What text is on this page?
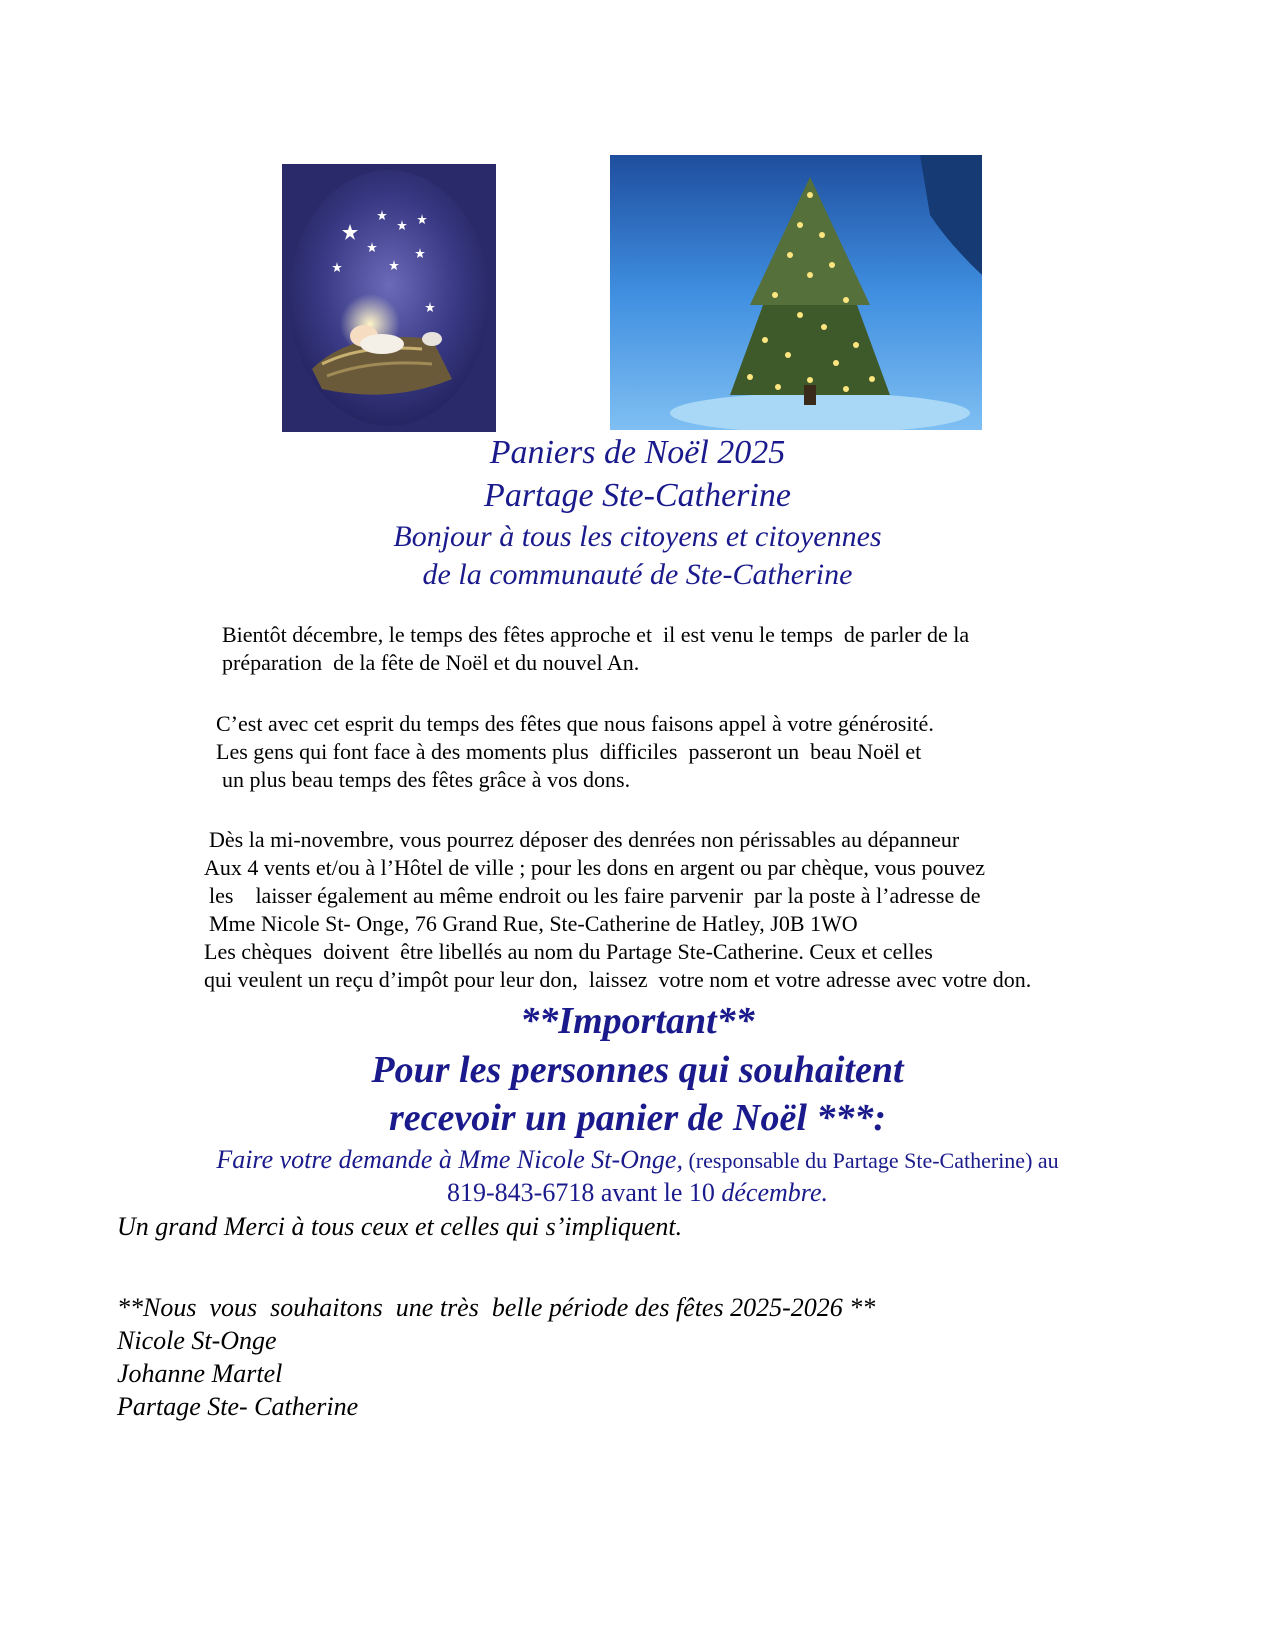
Paniers de Noël 2025
Partage Ste-Catherine
Bonjour à tous les citoyens et citoyennes
de la communauté de Ste-Catherine
Bientôt décembre, le temps des fêtes approche et  il est venu le temps  de parler de la
préparation  de la fête de Noël et du nouvel An.
C’est avec cet esprit du temps des fêtes que nous faisons appel à votre générosité.
Les gens qui font face à des moments plus  difficiles  passeront un  beau Noël et
un plus beau temps des fêtes grâce à vos dons.
Dès la mi-novembre, vous pourrez déposer des denrées non périssables au dépanneur
Aux 4 vents et/ou à l’Hôtel de ville ; pour les dons en argent ou par chèque, vous pouvez
les    laisser également au même endroit ou les faire parvenir  par la poste à l’adresse de
Mme Nicole St- Onge, 76 Grand Rue, Ste-Catherine de Hatley, J0B 1WO
Les chèques  doivent  être libellés au nom du Partage Ste-Catherine. Ceux et celles
qui veulent un reçu d’impôt pour leur don,  laissez  votre nom et votre adresse avec votre don.
**Important**
Pour les personnes qui souhaitent
recevoir un panier de Noël ***:
Faire votre demande à Mme Nicole St-Onge, (responsable du Partage Ste-Catherine) au
819-843-6718 avant le 10 décembre.
Un grand Merci à tous ceux et celles qui s’impliquent.
**Nous  vous  souhaitons  une très  belle période des fêtes 2025-2026 **
Nicole St-Onge
Johanne Martel
Partage Ste- Catherine
